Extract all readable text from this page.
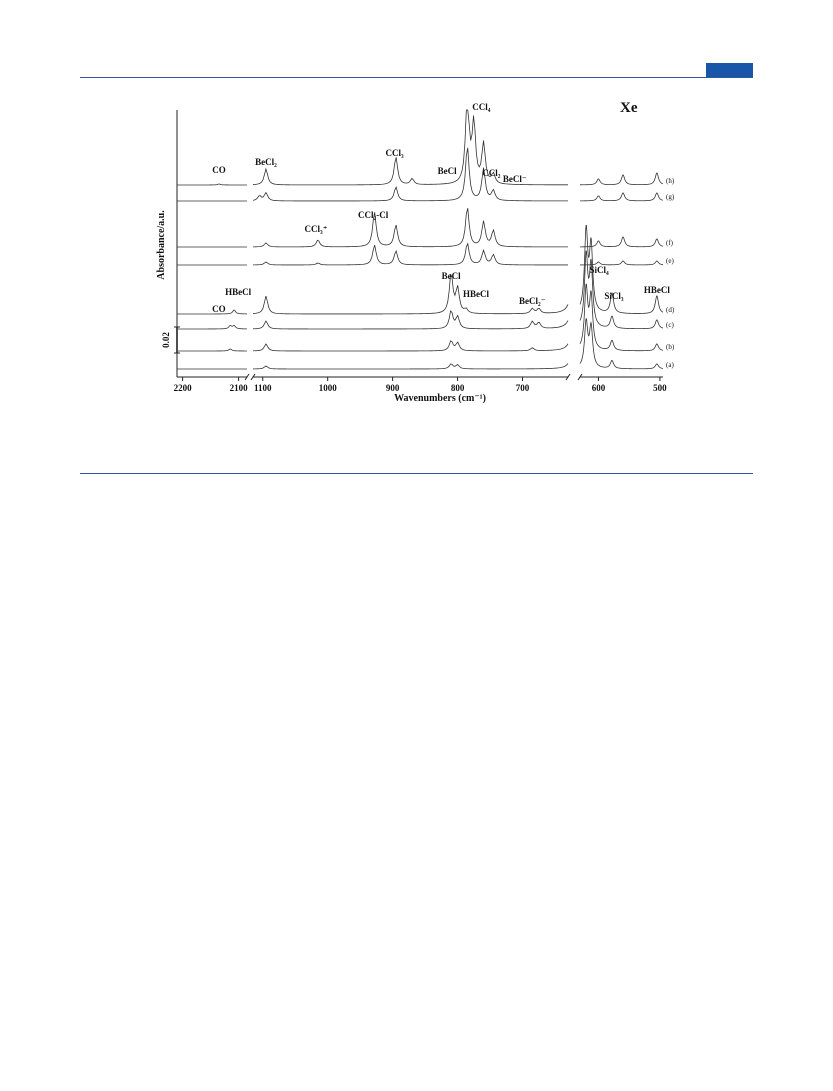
(a)
(b)
(c)
(d)
(e)
(f)
(g)
(h)
CO
BeCl₂
CCl₃
BeCl
CCl₄
CCl₂
BeCl⁻
CCl₃⁺
CCl₂-Cl
CO
HBeCl
BeCl
HBeCl
BeCl₂⁻
SiCl₄
SiCl₃
HBeCl
2200	2100 1100	1000	900	800	700	600	500
Xe
Wavenumbers (cm⁻¹)
Absorbance/a.u.
0.02
